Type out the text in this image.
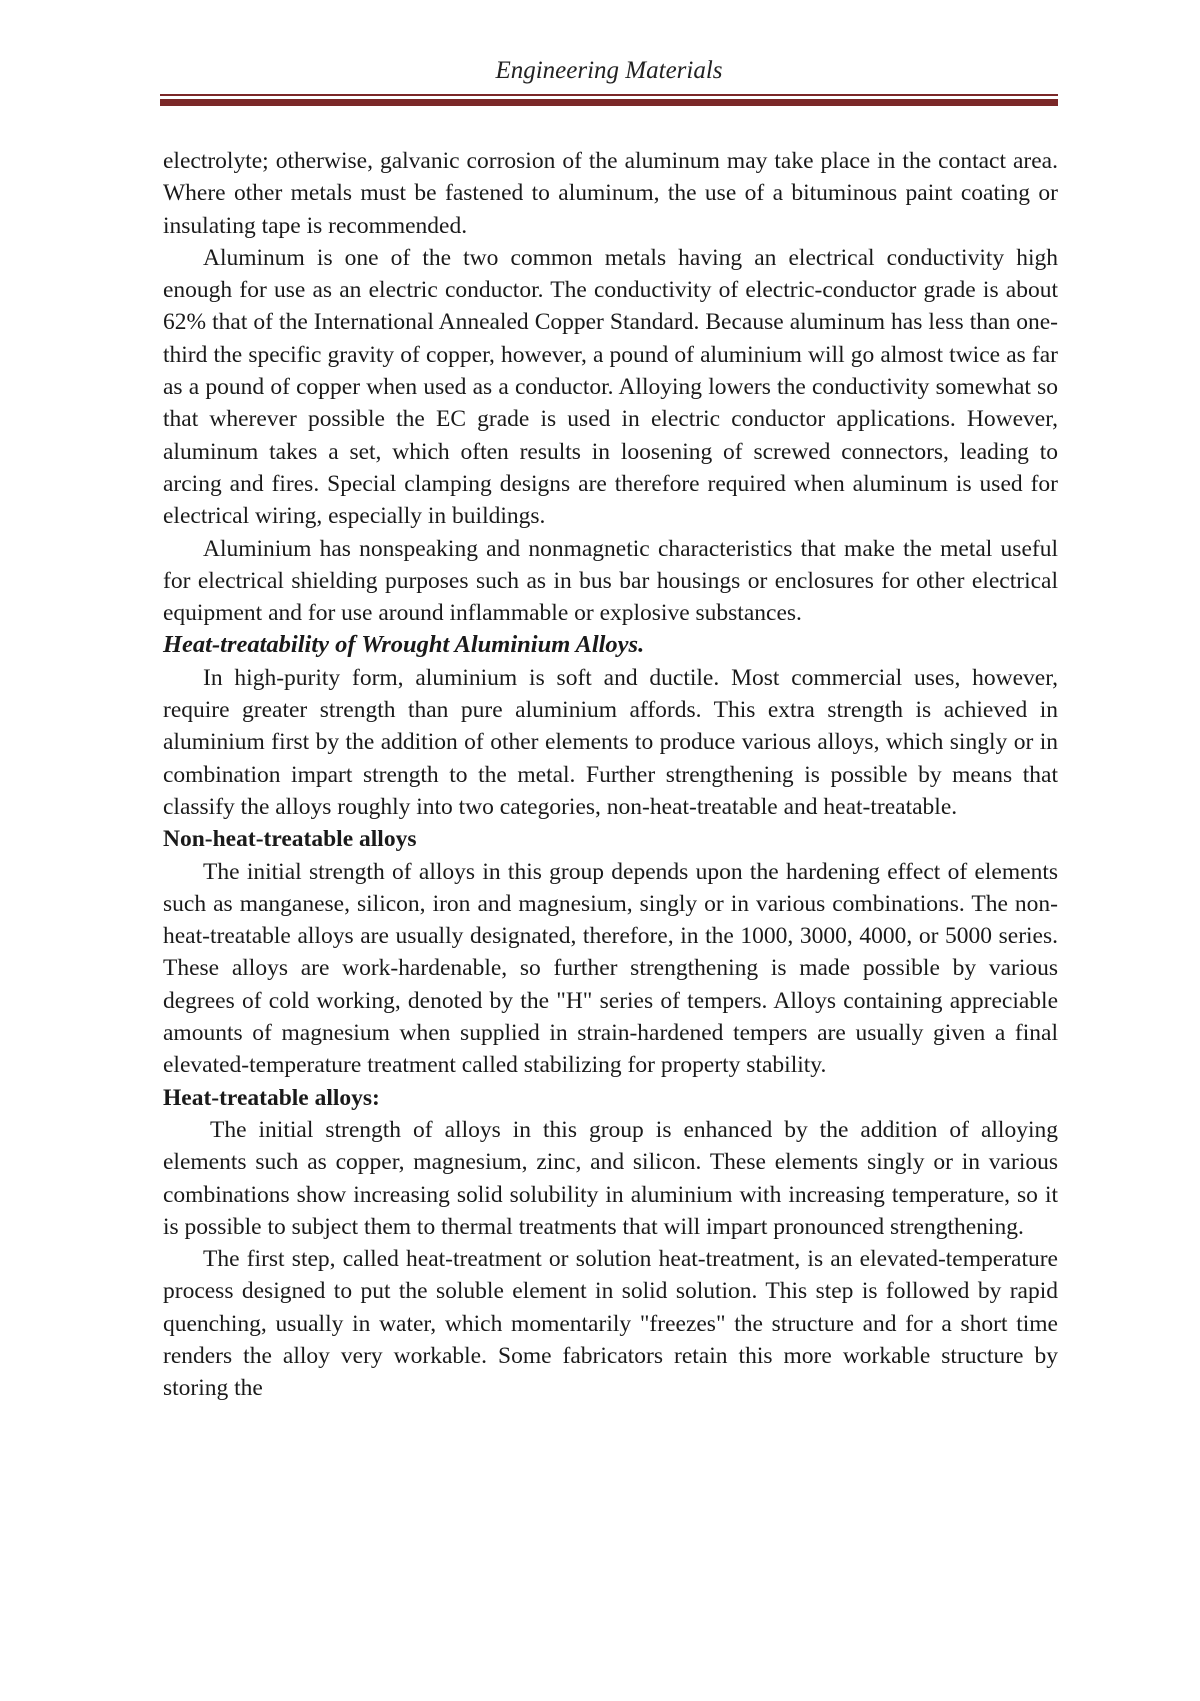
Engineering Materials

electrolyte; otherwise, galvanic corrosion of the aluminum may take place in the contact area. Where other metals must be fastened to aluminum, the use of a bituminous paint coating or insulating tape is recommended.

Aluminum is one of the two common metals having an electrical conductivity high enough for use as an electric conductor. The conductivity of electric-conductor grade is about 62% that of the International Annealed Copper Standard. Because aluminum has less than one-third the specific gravity of copper, however, a pound of aluminium will go almost twice as far as a pound of copper when used as a conductor. Alloying lowers the conductivity somewhat so that wherever possible the EC grade is used in electric conductor applications. However, aluminum takes a set, which often results in loosening of screwed connectors, leading to arcing and fires. Special clamping designs are therefore required when aluminum is used for electrical wiring, especially in buildings.

Aluminium has nonspeaking and nonmagnetic characteristics that make the metal useful for electrical shielding purposes such as in bus bar housings or enclosures for other electrical equipment and for use around inflammable or explosive substances.

Heat-treatability of Wrought Aluminium Alloys.

In high-purity form, aluminium is soft and ductile. Most commercial uses, however, require greater strength than pure aluminium affords. This extra strength is achieved in aluminium first by the addition of other elements to produce various alloys, which singly or in combination impart strength to the metal. Further strengthening is possible by means that classify the alloys roughly into two categories, non-heat-treatable and heat-treatable.

Non-heat-treatable alloys

The initial strength of alloys in this group depends upon the hardening effect of elements such as manganese, silicon, iron and magnesium, singly or in various combinations. The non-heat-treatable alloys are usually designated, therefore, in the 1000, 3000, 4000, or 5000 series. These alloys are work-hardenable, so further strengthening is made possible by various degrees of cold working, denoted by the "H" series of tempers. Alloys containing appreciable amounts of magnesium when supplied in strain-hardened tempers are usually given a final elevated-temperature treatment called stabilizing for property stability.

Heat-treatable alloys:

The initial strength of alloys in this group is enhanced by the addition of alloying elements such as copper, magnesium, zinc, and silicon. These elements singly or in various combinations show increasing solid solubility in aluminium with increasing temperature, so it is possible to subject them to thermal treatments that will impart pronounced strengthening.

The first step, called heat-treatment or solution heat-treatment, is an elevated-temperature process designed to put the soluble element in solid solution. This step is followed by rapid quenching, usually in water, which momentarily "freezes" the structure and for a short time renders the alloy very workable. Some fabricators retain this more workable structure by storing the
